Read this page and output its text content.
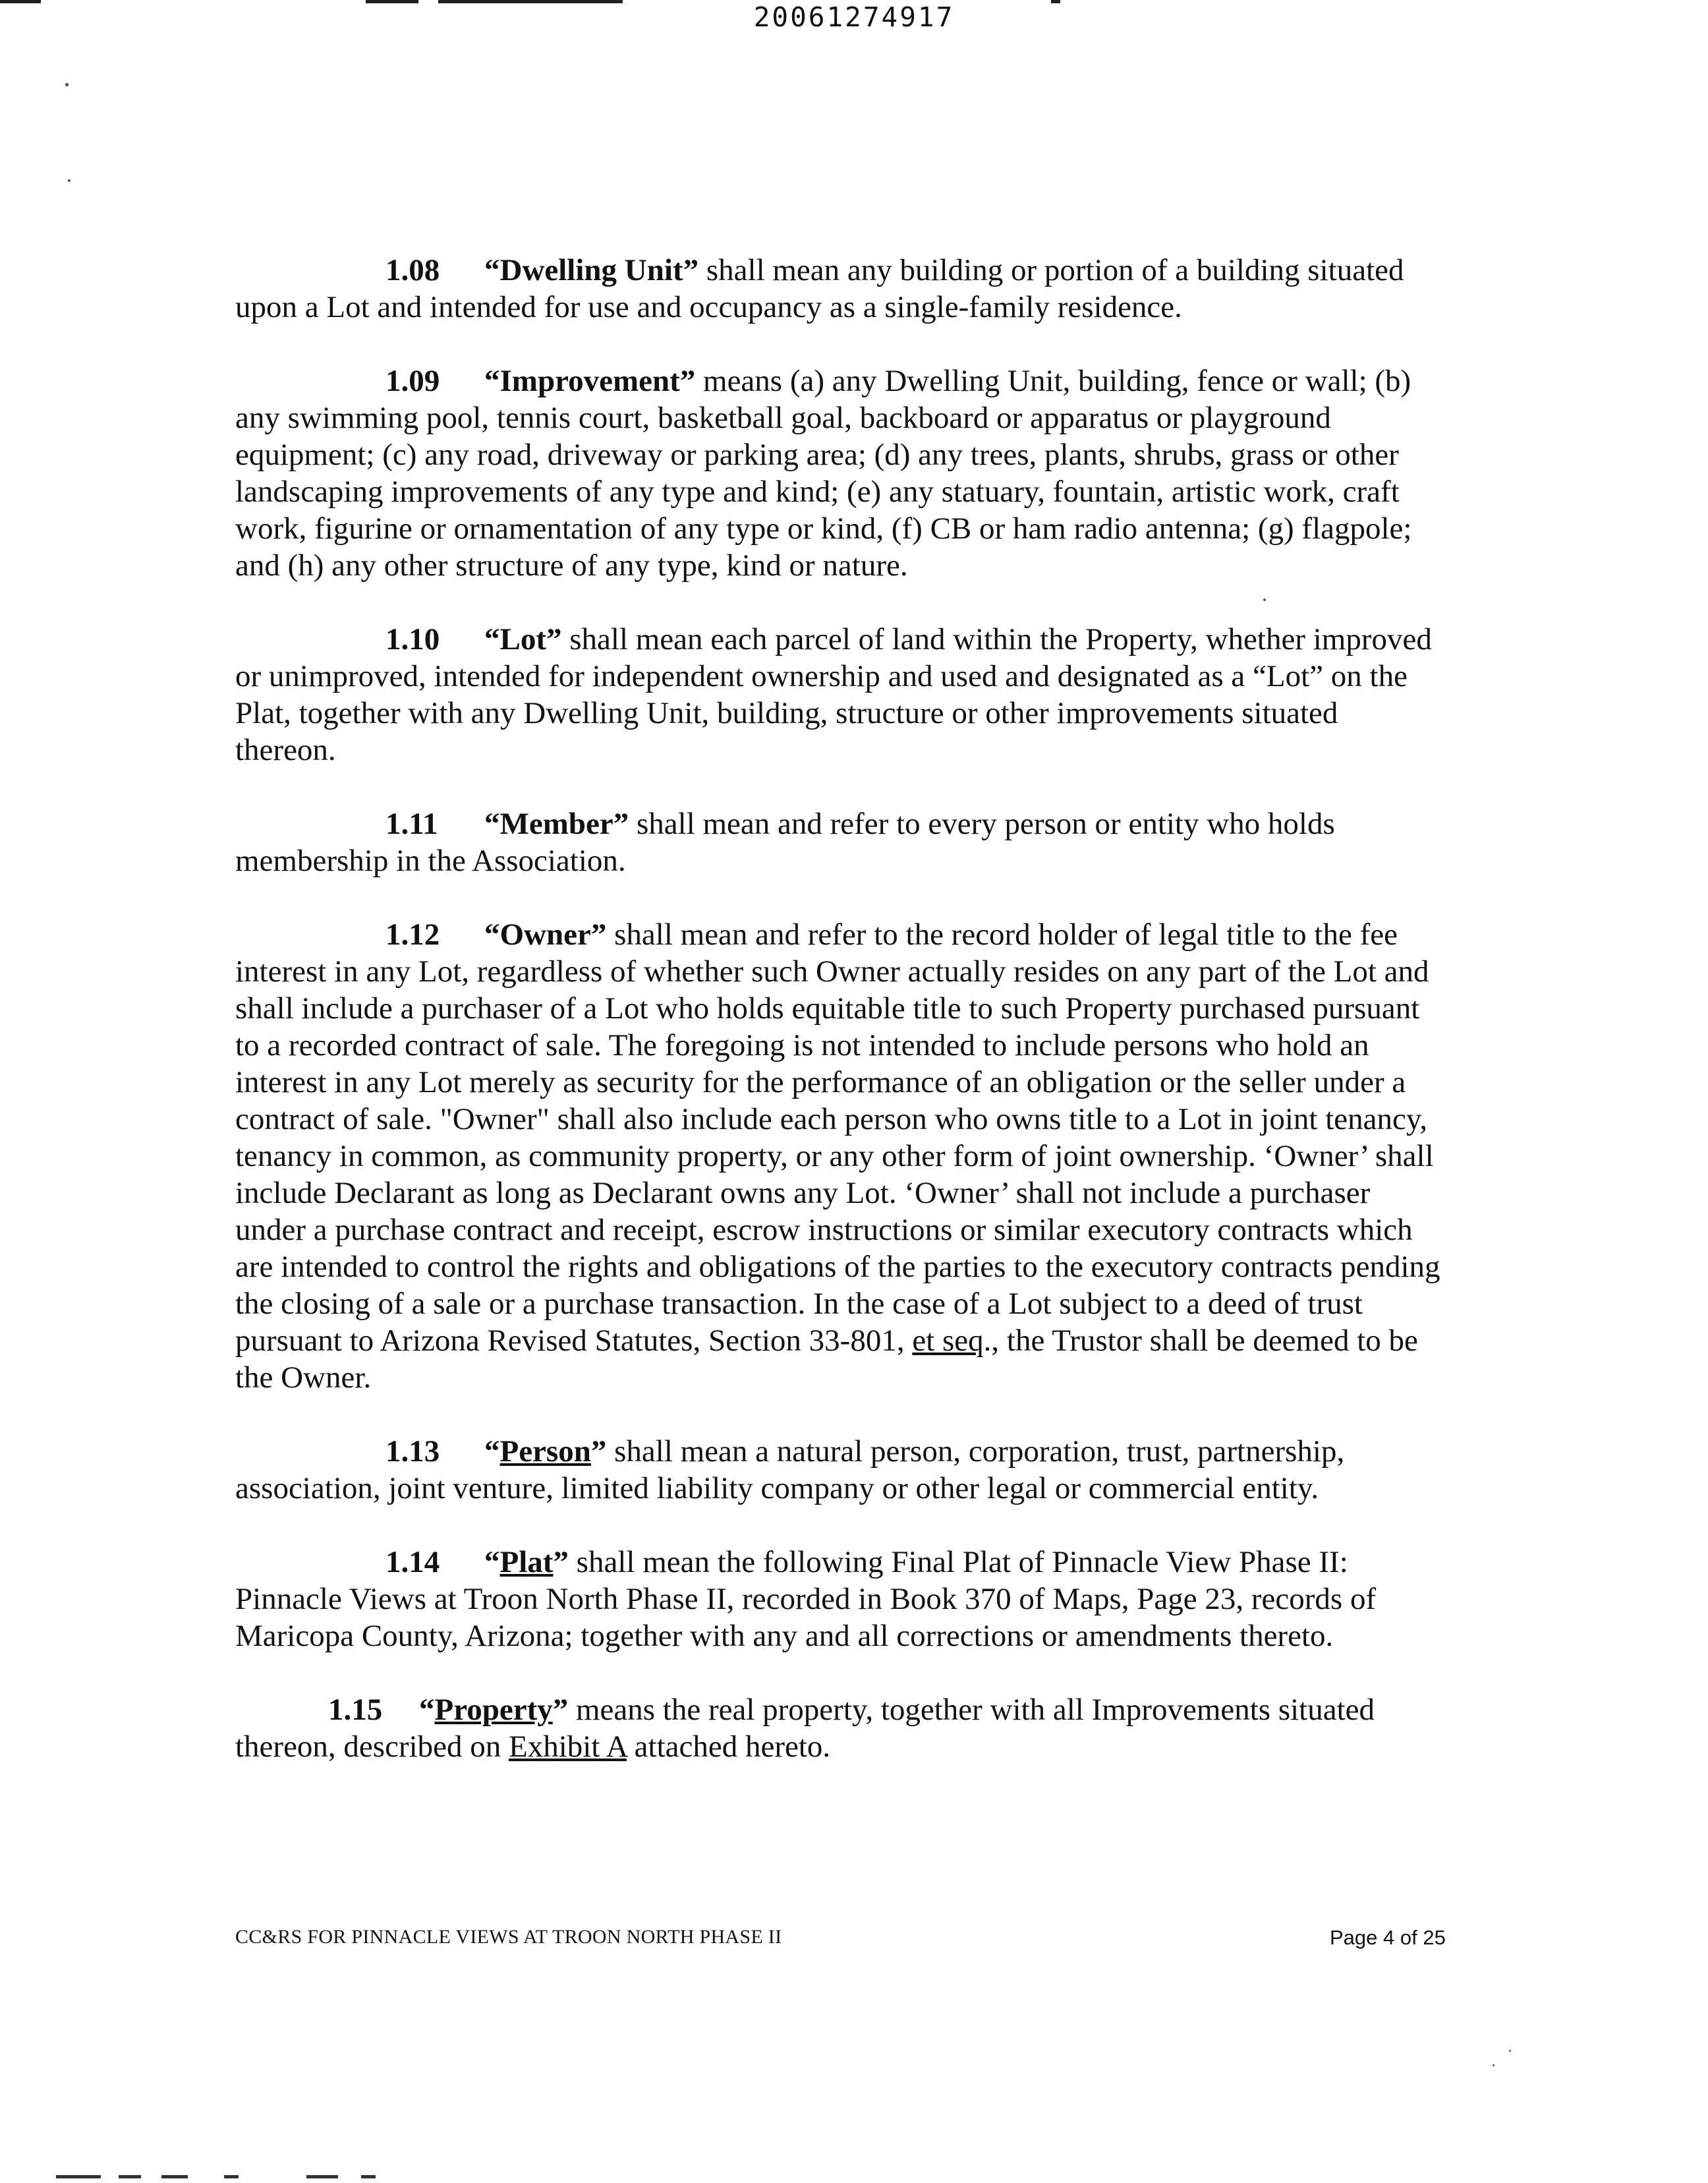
20061274917
1.08 “Dwelling Unit” shall mean any building or portion of a building situated
upon a Lot and intended for use and occupancy as a single-family residence.
1.09 “Improvement” means (a) any Dwelling Unit, building, fence or wall; (b)
any swimming pool, tennis court, basketball goal, backboard or apparatus or playground
equipment; (c) any road, driveway or parking area; (d) any trees, plants, shrubs, grass or other
landscaping improvements of any type and kind; (e) any statuary, fountain, artistic work, craft
work, figurine or ornamentation of any type or kind, (f) CB or ham radio antenna; (g) flagpole;
and (h) any other structure of any type, kind or nature.
1.10 “Lot” shall mean each parcel of land within the Property, whether improved
or unimproved, intended for independent ownership and used and designated as a “Lot” on the
Plat, together with any Dwelling Unit, building, structure or other improvements situated
thereon.
1.11 “Member” shall mean and refer to every person or entity who holds
membership in the Association.
1.12 “Owner” shall mean and refer to the record holder of legal title to the fee
interest in any Lot, regardless of whether such Owner actually resides on any part of the Lot and
shall include a purchaser of a Lot who holds equitable title to such Property purchased pursuant
to a recorded contract of sale. The foregoing is not intended to include persons who hold an
interest in any Lot merely as security for the performance of an obligation or the seller under a
contract of sale. "Owner" shall also include each person who owns title to a Lot in joint tenancy,
tenancy in common, as community property, or any other form of joint ownership. ‘Owner’ shall
include Declarant as long as Declarant owns any Lot. ‘Owner’ shall not include a purchaser
under a purchase contract and receipt, escrow instructions or similar executory contracts which
are intended to control the rights and obligations of the parties to the executory contracts pending
the closing of a sale or a purchase transaction. In the case of a Lot subject to a deed of trust
pursuant to Arizona Revised Statutes, Section 33-801, et seq., the Trustor shall be deemed to be
the Owner.
1.13 “Person” shall mean a natural person, corporation, trust, partnership,
association, joint venture, limited liability company or other legal or commercial entity.
1.14 “Plat” shall mean the following Final Plat of Pinnacle View Phase II:
Pinnacle Views at Troon North Phase II, recorded in Book 370 of Maps, Page 23, records of
Maricopa County, Arizona; together with any and all corrections or amendments thereto.
1.15 “Property” means the real property, together with all Improvements situated
thereon, described on Exhibit A attached hereto.
CC&RS FOR PINNACLE VIEWS AT TROON NORTH PHASE II	Page 4 of 25
